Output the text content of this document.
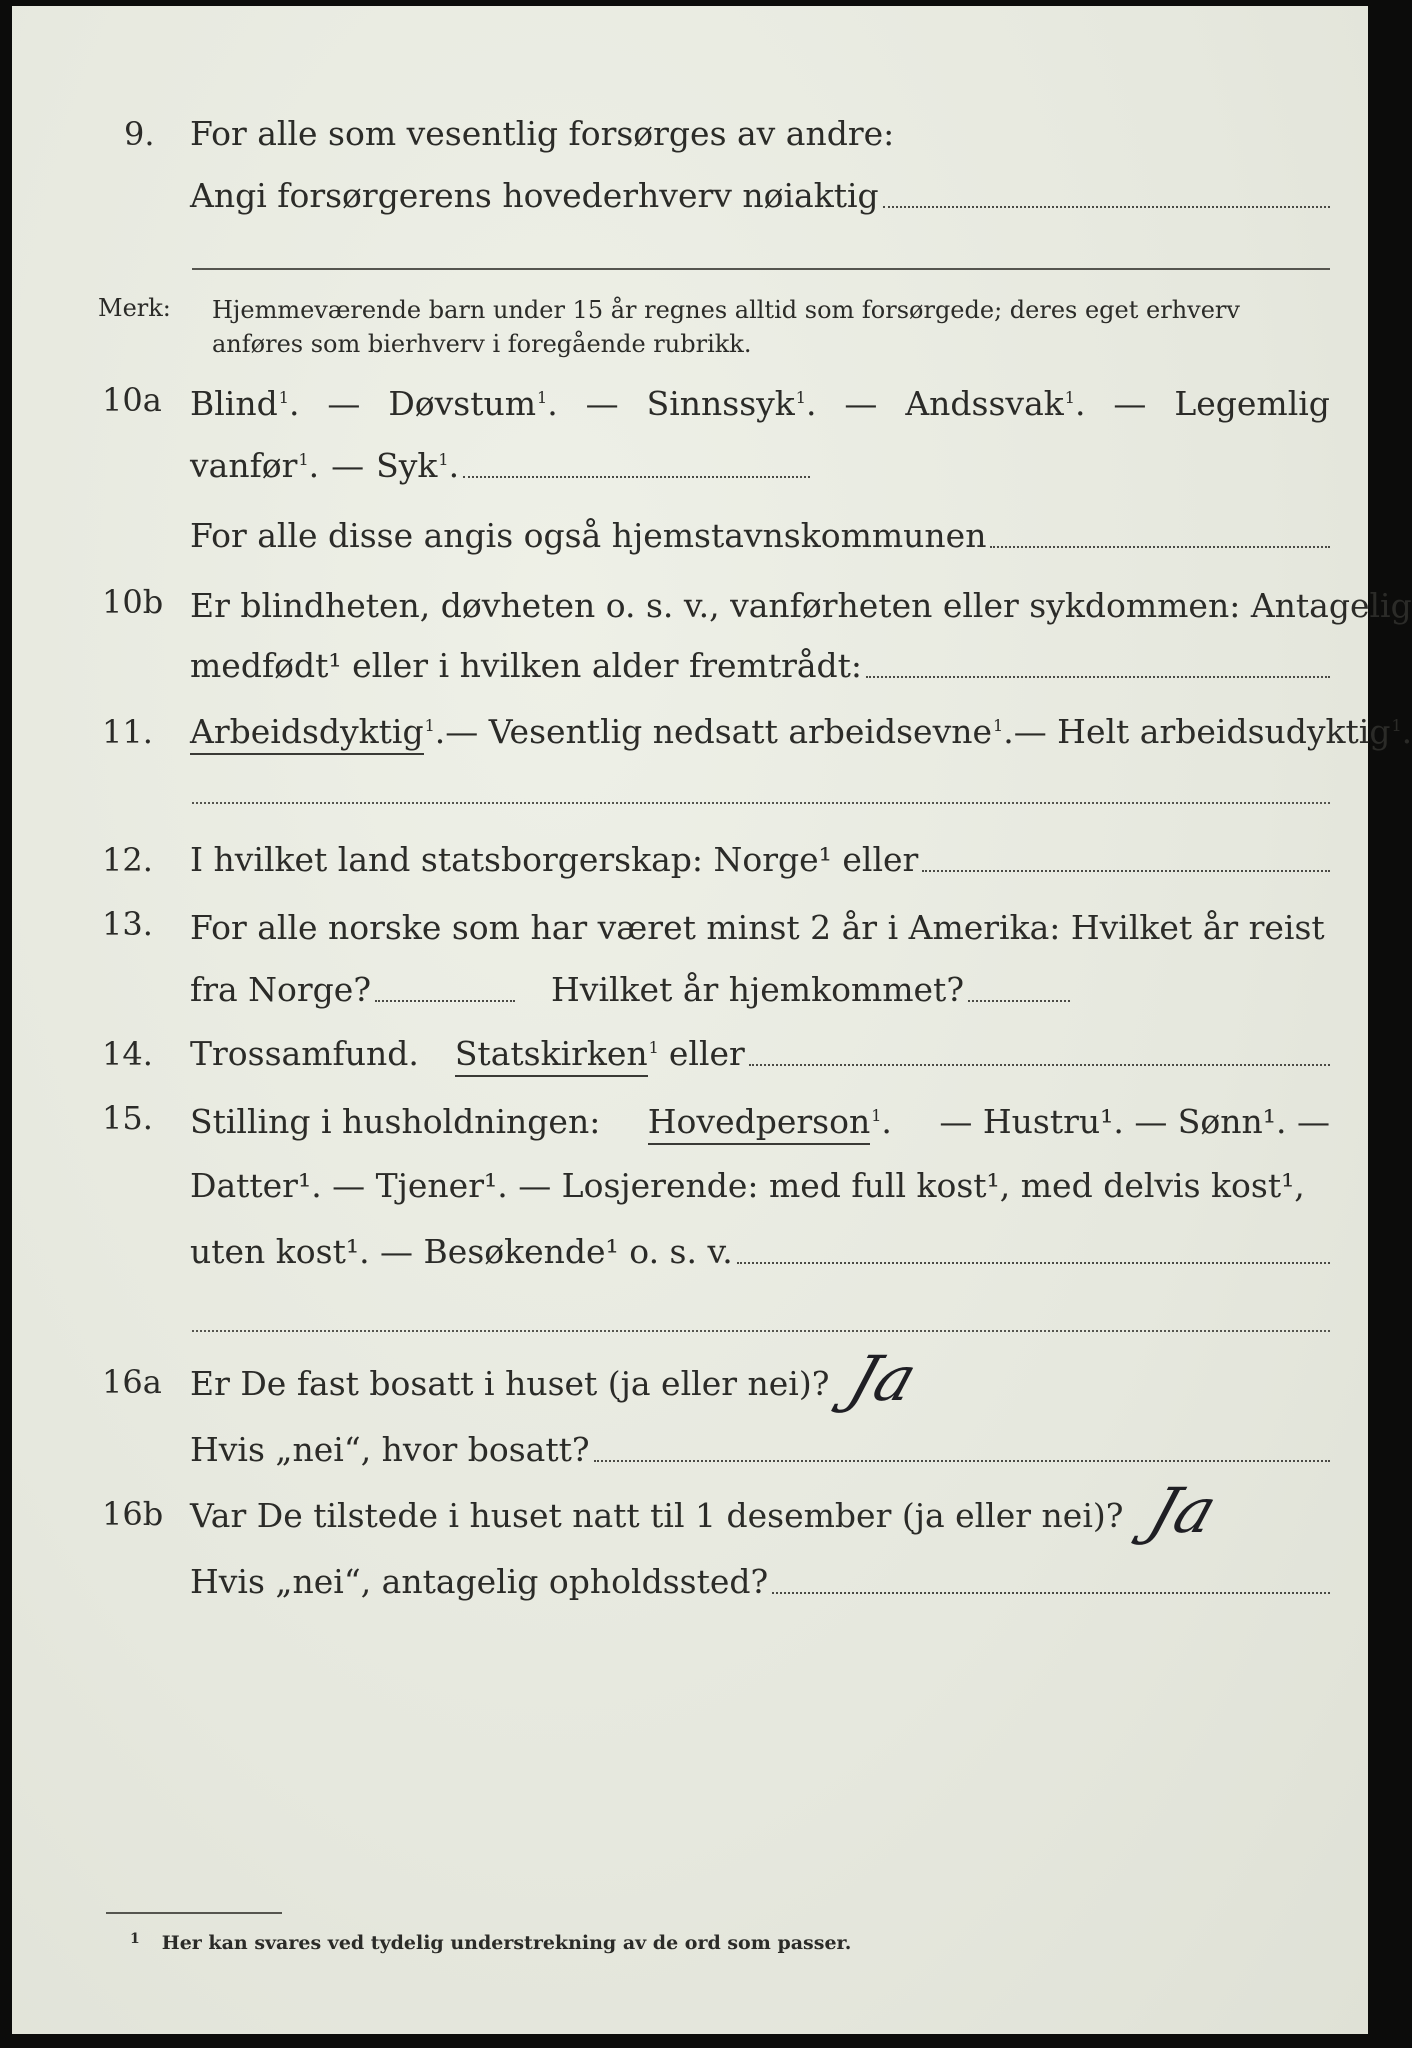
9. For alle som vesentlig forsørges av andre:
Angi forsørgerens hovederhverv nøiaktig
Merk: Hjemmeværende barn under 15 år regnes alltid som forsørgede; deres eget erhverv
anføres som bierhverv i foregående rubrikk.
10a Blind$^1$. — Døvstum$^1$. — Sinnssyk$^1$. — Andssvak$^1$. — Legemlig
vanfør$^1$. — Syk$^1$.
For alle disse angis også hjemstavnskommunen
10b Er blindheten, døvheten o. s. v., vanførheten eller sykdommen: Antagelig
medfødt¹ eller i hvilken alder fremtrådt:
11. Arbeidsdyktig$^1$. — Vesentlig nedsatt arbeidsevne$^1$. — Helt arbeidsudyktig$^1$.
12. I hvilket land statsborgerskap: Norge¹ eller
13. For alle norske som har været minst 2 år i Amerika: Hvilket år reist
fra Norge?	Hvilket år hjemkommet?
14. Trossamfund. Statskirken$^1$ eller
15. Stilling i husholdningen: Hovedperson$^1$. — Hustru¹. — Sønn¹. —
Datter¹. — Tjener¹. — Losjerende: med full kost¹, med delvis kost¹,
uten kost¹. — Besøkende¹ o. s. v.
16a Er De fast bosatt i huset (ja eller nei)? Ja
Hvis „nei“, hvor bosatt?
16b Var De tilstede i huset natt til 1 desember (ja eller nei)? Ja
Hvis „nei“, antagelig opholdssted?
1 Her kan svares ved tydelig understrekning av de ord som passer.
